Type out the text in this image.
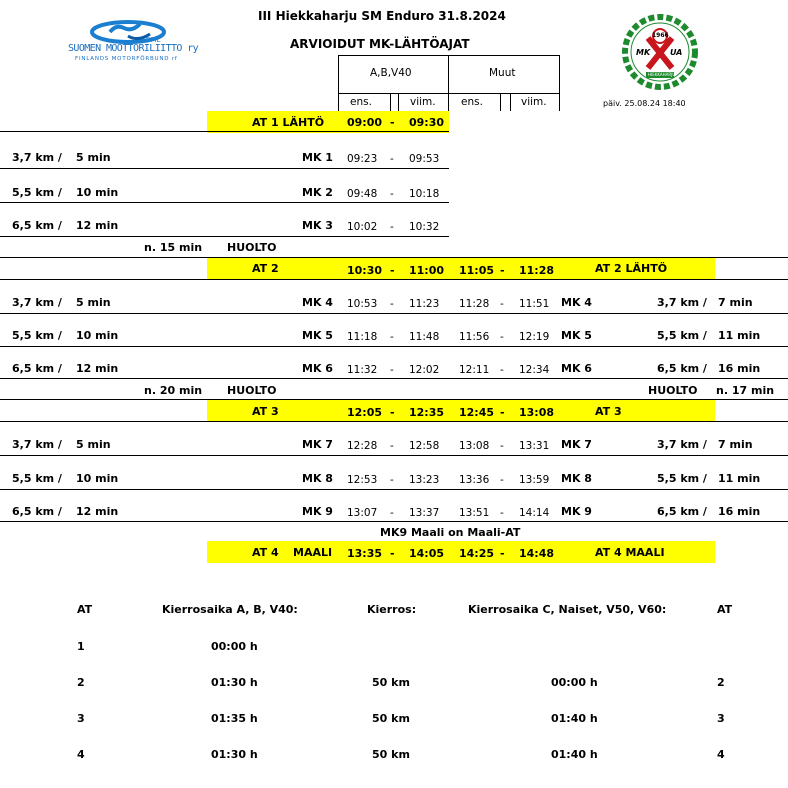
SML
SUOMEN MOOTTORILIITTO ry
FINLANDS MOTORFÖRBUND rf
1966
MK UA
HIEKKAHARJU
III Hiekkaharju SM Enduro 31.8.2024
ARVIOIDUT MK-LÄHTÖAJAT
A,B,V40	Muut
ens.	viim. ens.	viim.	päiv. 25.08.24 18:40
AT 1 LÄHTÖ 09:00 - 09:30
3,7 km / 5 min	MK 1 09:23 - 09:53
5,5 km / 10 min	MK 2 09:48 - 10:18
6,5 km / 12 min	MK 3 10:02 - 10:32
n. 15 min HUOLTO
AT 2	10:30 - 11:00 11:05 - 11:28	AT 2 LÄHTÖ
3,7 km / 5 min	MK 4 10:53 - 11:23 11:28 - 11:51 MK 4	3,7 km / 7 min
5,5 km / 10 min	MK 5 11:18 - 11:48 11:56 - 12:19 MK 5	5,5 km / 11 min
6,5 km / 12 min	MK 6 11:32 - 12:02 12:11 - 12:34 MK 6	6,5 km / 16 min
n. 20 min HUOLTO	HUOLTO n. 17 min
AT 3	12:05 - 12:35 12:45 - 13:08	AT 3
3,7 km / 5 min	MK 7 12:28 - 12:58 13:08 - 13:31 MK 7	3,7 km / 7 min
5,5 km / 10 min	MK 8 12:53 - 13:23 13:36 - 13:59 MK 8	5,5 km / 11 min
6,5 km / 12 min	MK 9 13:07 - 13:37 13:51 - 14:14 MK 9	6,5 km / 16 min
MK9 Maali on Maali-AT
AT 4 MAALI 13:35 - 14:05 14:25 - 14:48	AT 4 MAALI
AT	Kierrosaika A, B, V40:	Kierros:	Kierrosaika C, Naiset, V50, V60:	AT
1	00:00 h
2	01:30 h	50 km	00:00 h	2
3	01:35 h	50 km	01:40 h	3
4	01:30 h	50 km	01:40 h	4
